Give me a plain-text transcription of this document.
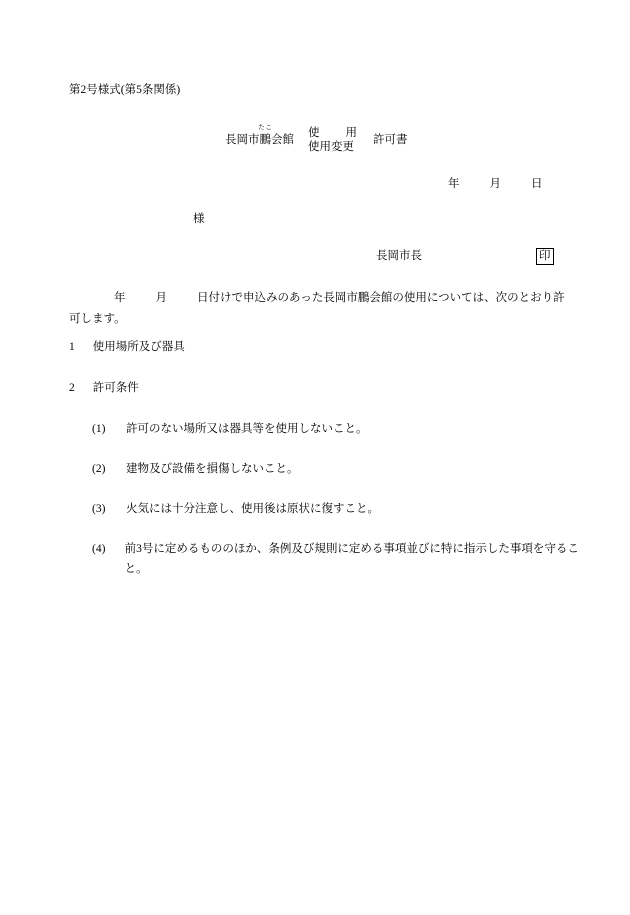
第2号様式(第5条関係)
長岡市
たこ
鵬会館
使 用
使用変更
許可書
年	月	日
様
長岡市長	印
年	月	日付けで申込みのあった長岡市鵬会館の使用については、次のとおり許可します。
1 使用場所及び器具
2 許可条件
(1)	許可のない場所又は器具等を使用しないこと。
(2)	建物及び設備を損傷しないこと。
(3)	火気には十分注意し、使用後は原状に復すこと。
(4)	前3号に定めるもののほか、条例及び規則に定める事項並びに特に指示した事項を守ること。
